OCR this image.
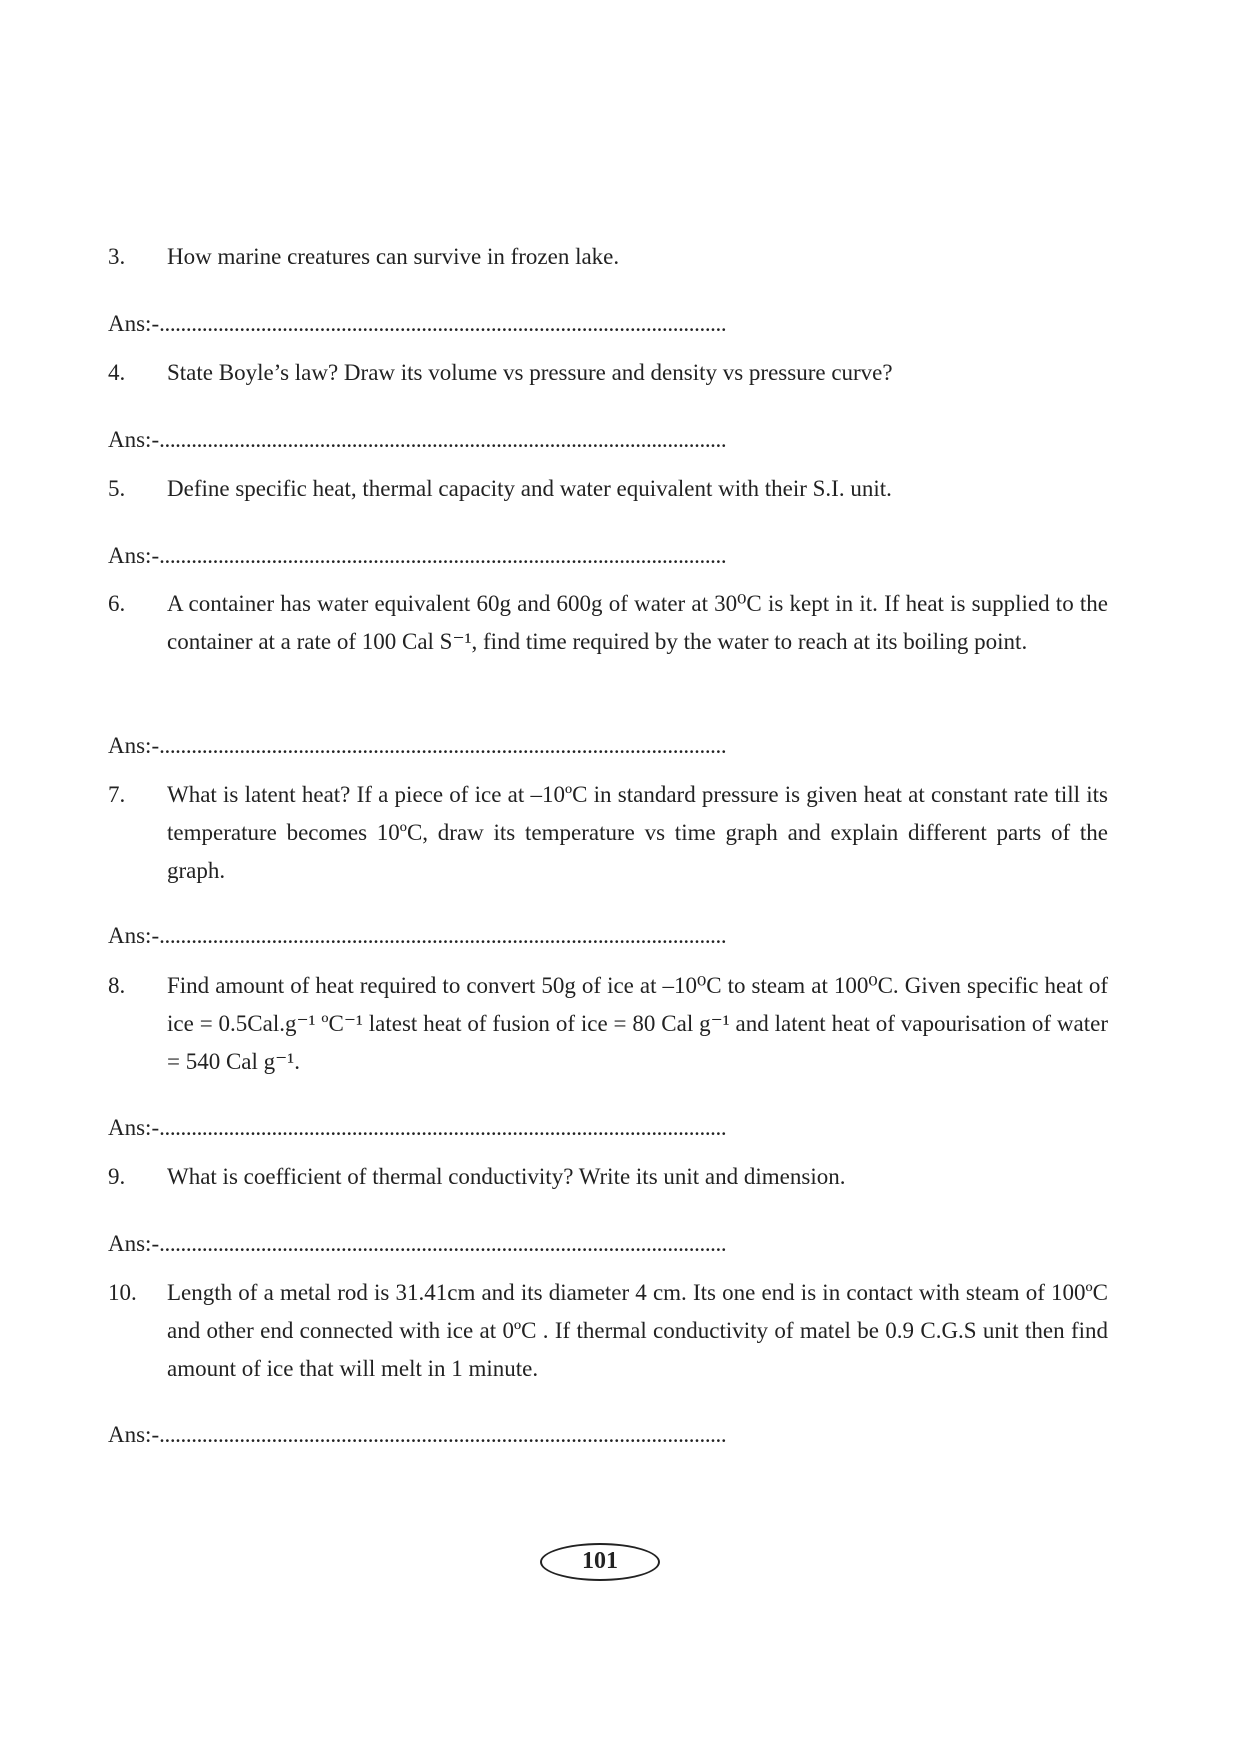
3. How marine creatures can survive in frozen lake.
Ans:-..........................................................................................................
4. State Boyle’s law? Draw its volume vs pressure and density vs pressure curve?
Ans:-..........................................................................................................
5. Define specific heat, thermal capacity and water equivalent with their S.I. unit.
Ans:-..........................................................................................................
6. A container has water equivalent 60g and 600g of water at 30⁰C is kept in it. If heat is supplied to the container at a rate of 100 Cal S⁻¹, find time required by the water to reach at its boiling point.
Ans:-..........................................................................................................
7. What is latent heat? If a piece of ice at –10ºC in standard pressure is given heat at constant rate till its temperature becomes 10ºC, draw its temperature vs time graph and explain different parts of the graph.
Ans:-..........................................................................................................
8. Find amount of heat required to convert 50g of ice at –10⁰C to steam at 100⁰C. Given specific heat of ice = 0.5Cal.g⁻¹ ºC⁻¹ latest heat of fusion of ice = 80 Cal g⁻¹ and latent heat of vapourisation of water = 540 Cal g⁻¹.
Ans:-..........................................................................................................
9. What is coefficient of thermal conductivity? Write its unit and dimension.
Ans:-..........................................................................................................
10. Length of a metal rod is 31.41cm and its diameter 4 cm. Its one end is in contact with steam of 100ºC and other end connected with ice at 0ºC . If thermal conductivity of matel be 0.9 C.G.S unit then find amount of ice that will melt in 1 minute.
Ans:-..........................................................................................................
101
